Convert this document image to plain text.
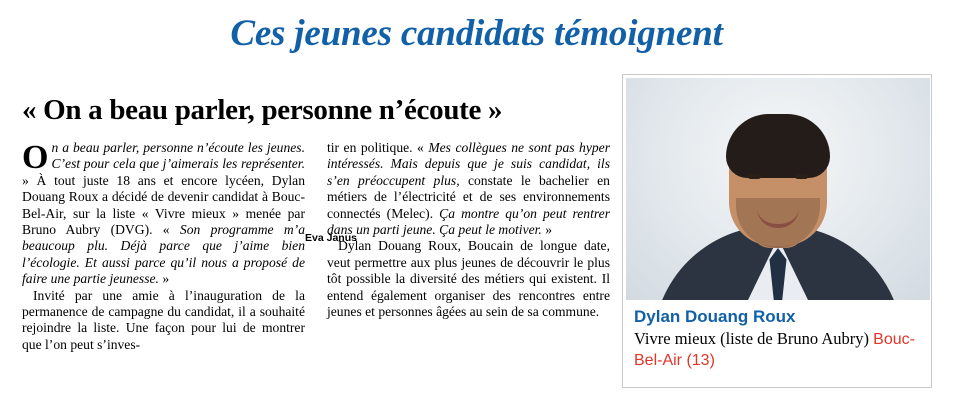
Ces jeunes candidats témoignent
« On a beau parler, personne n’écoute »

On a beau parler, personne n’écoute les jeunes. C’est pour cela que j’aimerais les représenter. » À tout juste 18 ans et encore lycéen, Dylan Douang Roux a décidé de devenir candidat à Bouc-Bel-Air, sur la liste « Vivre mieux » menée par Bruno Aubry (DVG). « Son programme m’a beaucoup plu. Déjà parce que j’aime bien l’écologie. Et aussi parce qu’il nous a proposé de faire une partie jeunesse. »

Invité par une amie à l’inauguration de la permanence de campagne du candidat, il a souhaité rejoindre la liste. Une façon pour lui de montrer que l’on peut s’inves-

tir en politique. « Mes collègues ne sont pas hyper intéressés. Mais depuis que je suis candidat, ils s’en préoccupent plus, constate le bachelier en métiers de l’électricité et de ses environnements connectés (Melec). Ça montre qu’on peut rentrer dans un parti jeune. Ça peut le motiver. »

Dylan Douang Roux, Boucain de longue date, veut permettre aux plus jeunes de découvrir le plus tôt possible la diversité des métiers qui existent. Il entend également organiser des rencontres entre jeunes et personnes âgées au sein de sa commune.

Eva Janus
Dylan Douang Roux
Vivre mieux (liste de Bruno Aubry) Bouc-Bel-Air (13)
